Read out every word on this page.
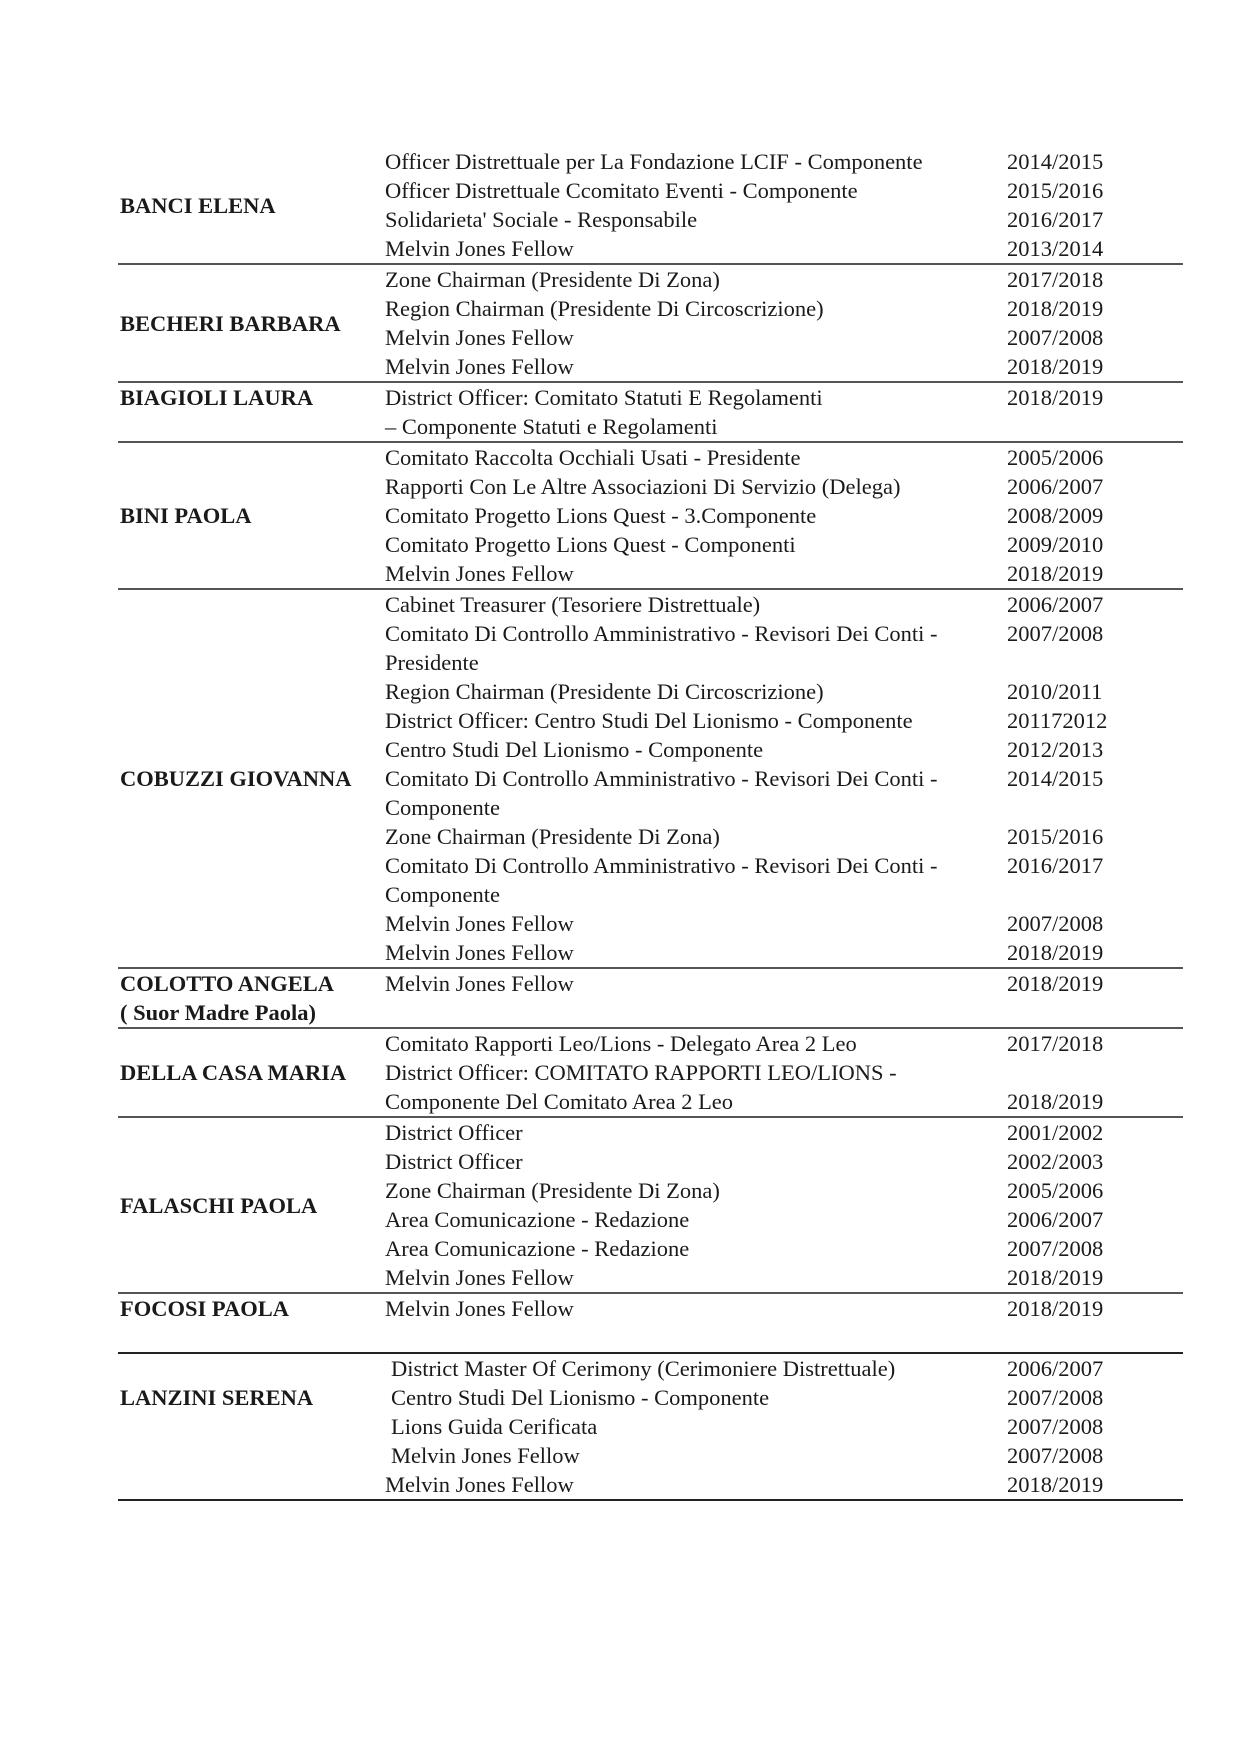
BANCI ELENA
Officer Distrettuale per La Fondazione LCIF - Componente	2014/2015
Officer Distrettuale Ccomitato Eventi - Componente	2015/2016
Solidarieta' Sociale - Responsabile	2016/2017
Melvin Jones Fellow	2013/2014
BECHERI BARBARA
Zone Chairman (Presidente Di Zona)	2017/2018
Region Chairman (Presidente Di Circoscrizione)	2018/2019
Melvin Jones Fellow	2007/2008
Melvin Jones Fellow	2018/2019
BIAGIOLI LAURA	District Officer: Comitato Statuti E Regolamenti	2018/2019
– Componente Statuti e Regolamenti
BINI PAOLA
Comitato Raccolta Occhiali Usati - Presidente	2005/2006
Rapporti Con Le Altre Associazioni Di Servizio (Delega)	2006/2007
Comitato Progetto Lions Quest - 3.Componente	2008/2009
Comitato Progetto Lions Quest - Componenti	2009/2010
Melvin Jones Fellow	2018/2019
COBUZZI GIOVANNA
Cabinet Treasurer (Tesoriere Distrettuale)	2006/2007
Comitato Di Controllo Amministrativo - Revisori Dei Conti -	2007/2008
Presidente
Region Chairman (Presidente Di Circoscrizione)	2010/2011
District Officer: Centro Studi Del Lionismo - Componente	201172012
Centro Studi Del Lionismo - Componente	2012/2013
Comitato Di Controllo Amministrativo - Revisori Dei Conti -	2014/2015
Componente
Zone Chairman (Presidente Di Zona)	2015/2016
Comitato Di Controllo Amministrativo - Revisori Dei Conti -	2016/2017
Componente
Melvin Jones Fellow	2007/2008
Melvin Jones Fellow	2018/2019
COLOTTO ANGELA
( Suor Madre Paola)
Melvin Jones Fellow	2018/2019

DELLA CASA MARIA
Comitato Rapporti Leo/Lions - Delegato Area 2 Leo	2017/2018
District Officer: COMITATO RAPPORTI LEO/LIONS -
Componente Del Comitato Area 2 Leo	2018/2019
FALASCHI PAOLA
District Officer	2001/2002
District Officer	2002/2003
Zone Chairman (Presidente Di Zona)	2005/2006
Area Comunicazione - Redazione	2006/2007
Area Comunicazione - Redazione	2007/2008
Melvin Jones Fellow	2018/2019
FOCOSI PAOLA	Melvin Jones Fellow	2018/2019

LANZINI SERENA
District Master Of Cerimony (Cerimoniere Distrettuale)	2006/2007
Centro Studi Del Lionismo - Componente	2007/2008
Lions Guida Cerificata	2007/2008
Melvin Jones Fellow	2007/2008
Melvin Jones Fellow	2018/2019
